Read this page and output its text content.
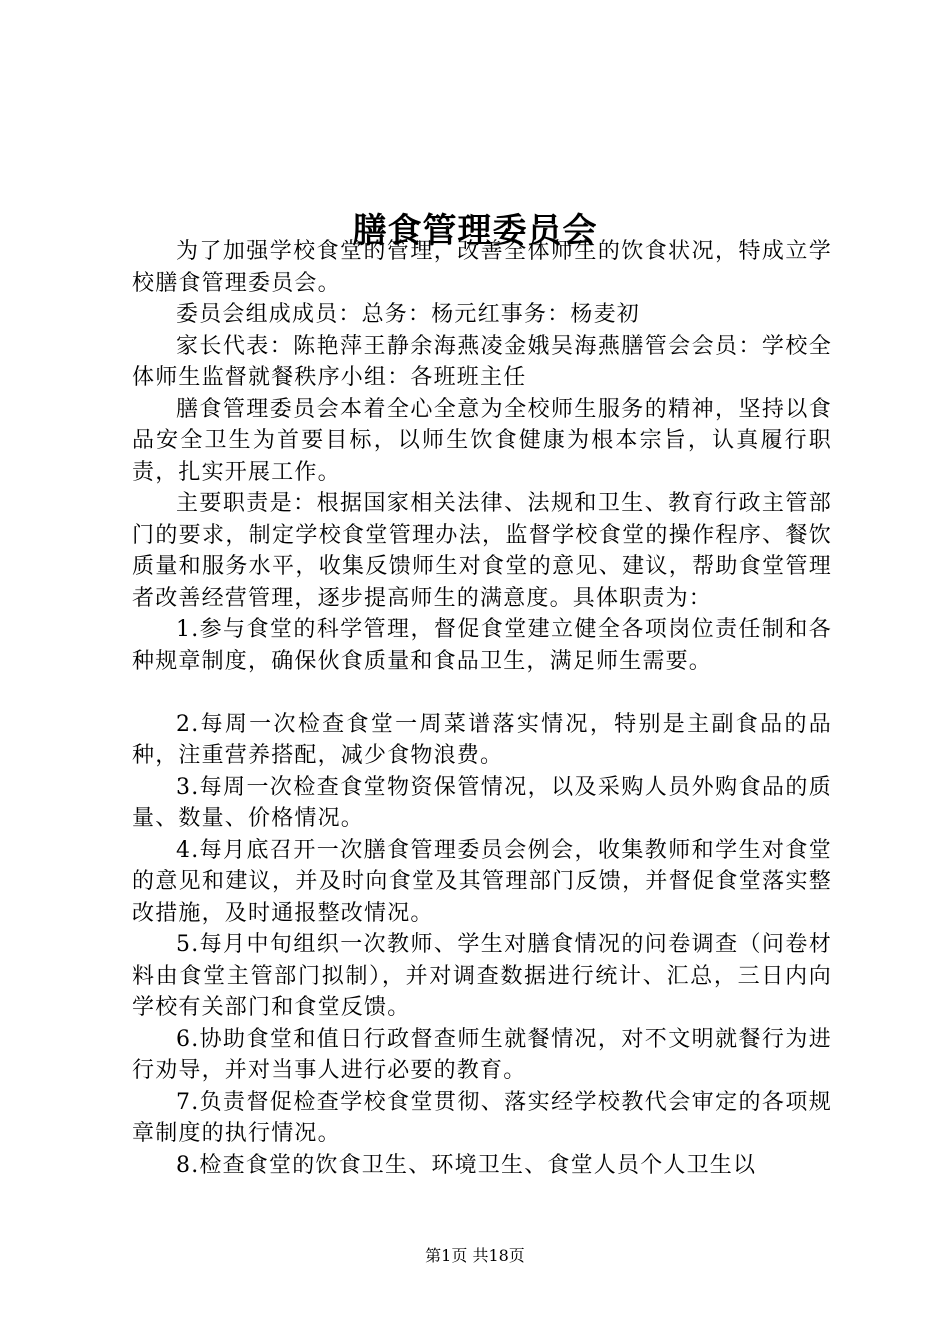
膳食管理委员会

为了加强学校食堂的管理，改善全体师生的饮食状况，特成立学校膳食管理委员会。

委员会组成成员：总务：杨元红事务：杨麦初

家长代表：陈艳萍王静余海燕凌金娥吴海燕膳管会会员：学校全体师生监督就餐秩序小组：各班班主任

膳食管理委员会本着全心全意为全校师生服务的精神，坚持以食品安全卫生为首要目标，以师生饮食健康为根本宗旨，认真履行职责，扎实开展工作。

主要职责是：根据国家相关法律、法规和卫生、教育行政主管部门的要求，制定学校食堂管理办法，监督学校食堂的操作程序、餐饮质量和服务水平，收集反馈师生对食堂的意见、建议，帮助食堂管理者改善经营管理，逐步提高师生的满意度。具体职责为：

1.参与食堂的科学管理，督促食堂建立健全各项岗位责任制和各种规章制度，确保伙食质量和食品卫生，满足师生需要。

2.每周一次检查食堂一周菜谱落实情况，特别是主副食品的品种，注重营养搭配，减少食物浪费。

3.每周一次检查食堂物资保管情况，以及采购人员外购食品的质量、数量、价格情况。

4.每月底召开一次膳食管理委员会例会，收集教师和学生对食堂的意见和建议，并及时向食堂及其管理部门反馈，并督促食堂落实整改措施，及时通报整改情况。

5.每月中旬组织一次教师、学生对膳食情况的问卷调查（问卷材料由食堂主管部门拟制），并对调查数据进行统计、汇总，三日内向学校有关部门和食堂反馈。

6.协助食堂和值日行政督查师生就餐情况，对不文明就餐行为进行劝导，并对当事人进行必要的教育。

7.负责督促检查学校食堂贯彻、落实经学校教代会审定的各项规章制度的执行情况。

8.检查食堂的饮食卫生、环境卫生、食堂人员个人卫生以

第1页 共18页
